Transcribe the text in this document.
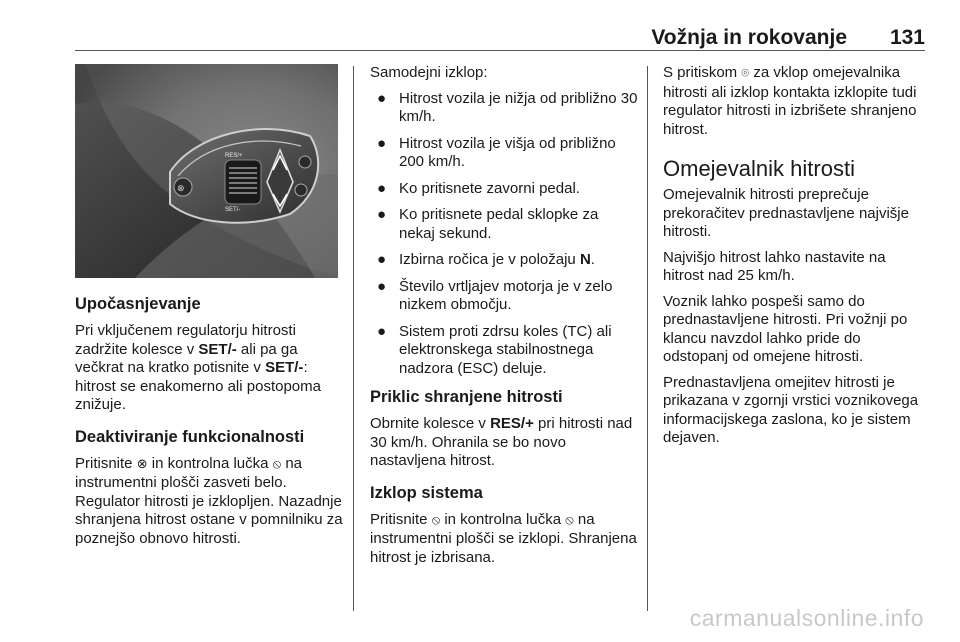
Vožnja in rokovanje 131
⊗
RES/+
SET/-
Upočasnjevanje

Pri vključenem regulatorju hitrosti zadržite kolesce v SET/- ali pa ga večkrat na kratko potisnite v SET/-: hitrost se enakomerno ali postopoma znižuje.

Deaktiviranje funkcionalnosti

Pritisnite ⊗ in kontrolna lučka ⦸ na instrumentni plošči zasveti belo. Regulator hitrosti je izklopljen. Nazadnje shranjena hitrost ostane v pomnilniku za poznejšo obnovo hitrosti.

Samodejni izklop:

● Hitrost vozila je nižja od približno 30 km/h.
● Hitrost vozila je višja od približno 200 km/h.
● Ko pritisnete zavorni pedal.
● Ko pritisnete pedal sklopke za nekaj sekund.
● Izbirna ročica je v položaju N.
● Število vrtljajev motorja je v zelo nizkem območju.
● Sistem proti zdrsu koles (TC) ali elektronskega stabilnostnega nadzora (ESC) deluje.
Priklic shranjene hitrosti

Obrnite kolesce v RES/+ pri hitrosti nad 30 km/h. Ohranila se bo novo nastavljena hitrost.

Izklop sistema

Pritisnite ⦸ in kontrolna lučka ⦸ na instrumentni plošči se izklopi. Shranjena hitrost je izbrisana.

S pritiskom ⌾ za vklop omejevalnika hitrosti ali izklop kontakta izklopite tudi regulator hitrosti in izbrišete shranjeno hitrost.

Omejevalnik hitrosti

Omejevalnik hitrosti preprečuje prekoračitev prednastavljene najvišje hitrosti.

Najvišjo hitrost lahko nastavite na hitrost nad 25 km/h.

Voznik lahko pospeši samo do prednastavljene hitrosti. Pri vožnji po klancu navzdol lahko pride do odstopanj od omejene hitrosti.

Prednastavljena omejitev hitrosti je prikazana v zgornji vrstici voznikovega informacijskega zaslona, ko je sistem dejaven.

carmanualsonline.info
